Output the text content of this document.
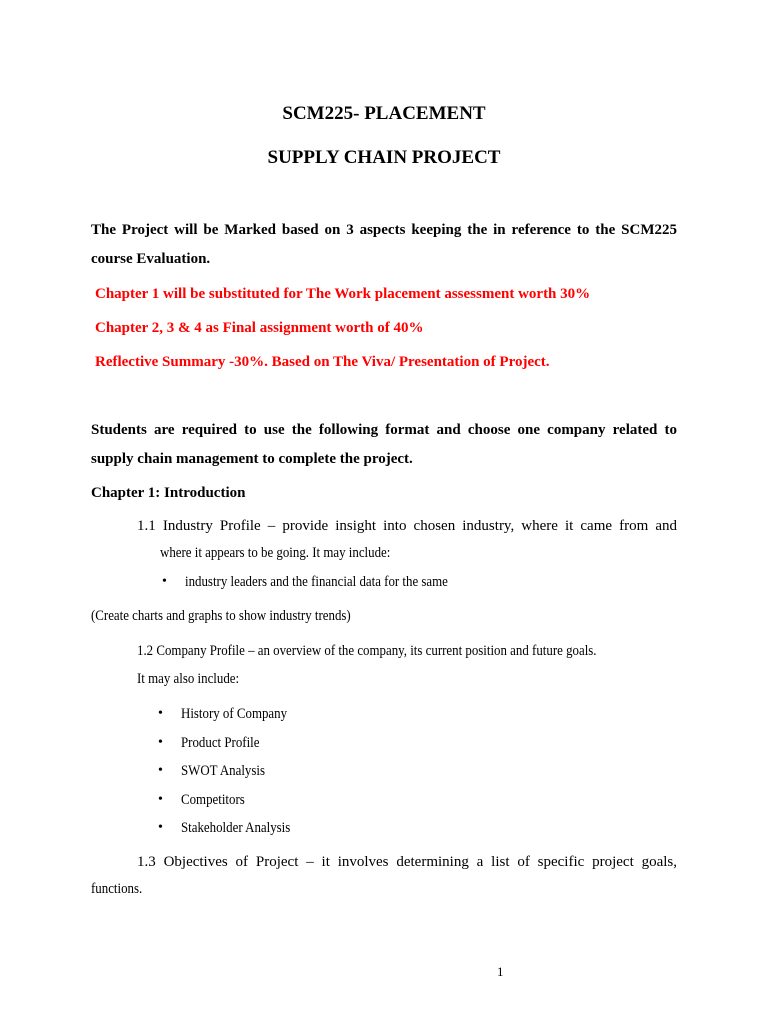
SCM225- PLACEMENT
SUPPLY CHAIN PROJECT
The Project will be Marked based on 3 aspects keeping the in reference to the SCM225
course Evaluation.
Chapter 1 will be substituted for The Work placement assessment worth 30%
Chapter 2, 3 & 4 as Final assignment worth of 40%
Reflective Summary -30%. Based on The Viva/ Presentation of Project.
Students are required to use the following format and choose one company related to
supply chain management to complete the project.
Chapter 1: Introduction
1.1 Industry Profile – provide insight into chosen industry, where it came from and
where it appears to be going. It may include:
• industry leaders and the financial data for the same
(Create charts and graphs to show industry trends)
1.2 Company Profile – an overview of the company, its current position and future goals.
It may also include:
• History of Company
• Product Profile
• SWOT Analysis
• Competitors
• Stakeholder Analysis
1.3 Objectives of Project – it involves determining a list of specific project goals,
functions.
1
